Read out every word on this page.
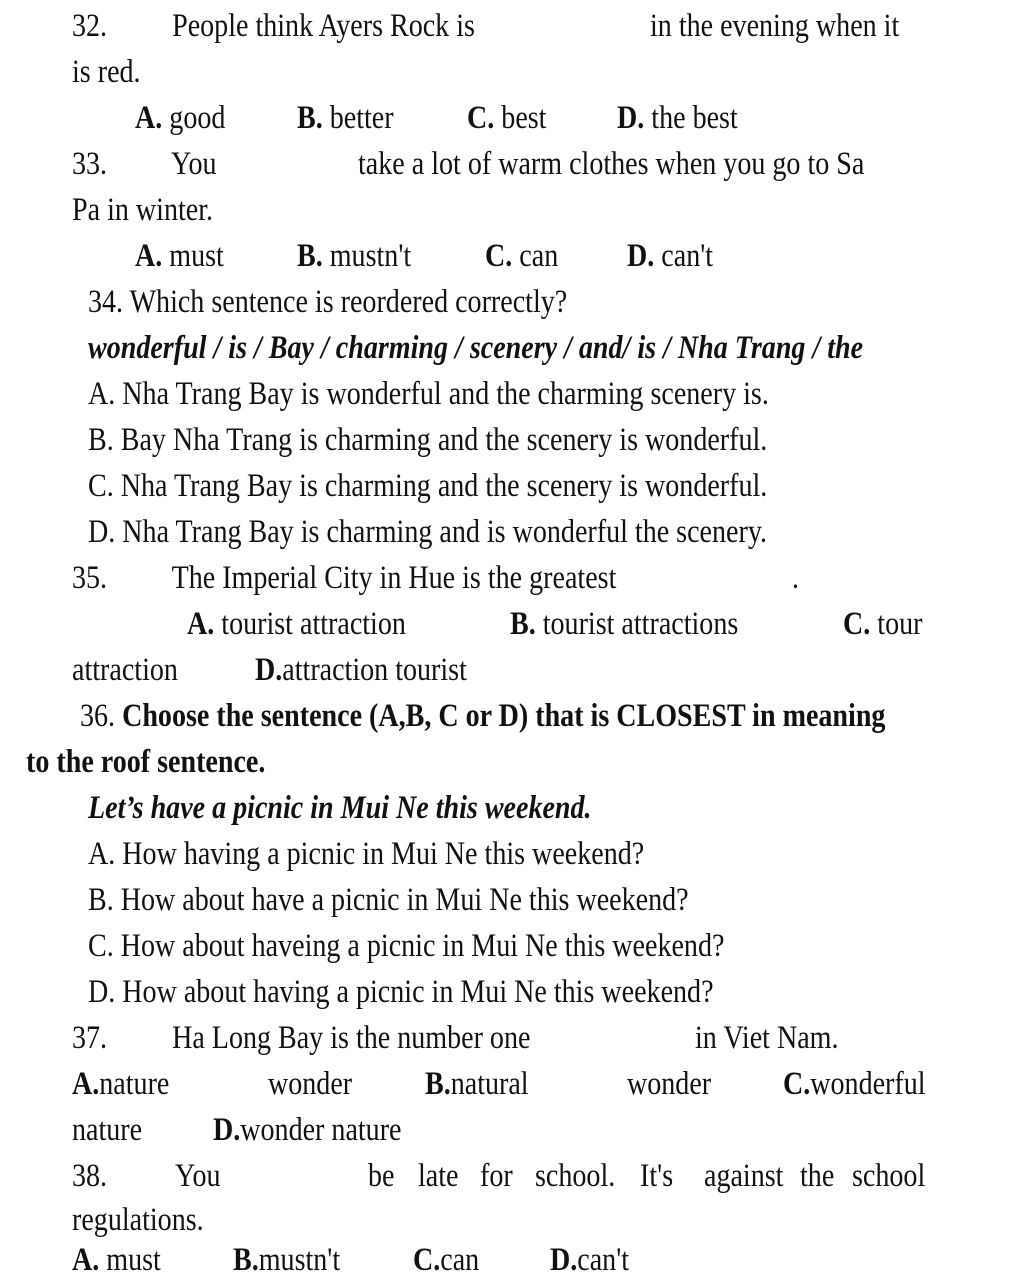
32. People think Ayers Rock is	in the evening when it
is red.
A. good B. better C. best D. the best
33. You	take a lot of warm clothes when you go to Sa
Pa in winter.
A. must B. mustn't C. can D. can't
34. Which sentence is reordered correctly?
wonderful / is / Bay / charming / scenery / and/ is / Nha Trang / the
A. Nha Trang Bay is wonderful and the charming scenery is.
B. Bay Nha Trang is charming and the scenery is wonderful.
C. Nha Trang Bay is charming and the scenery is wonderful.
D. Nha Trang Bay is charming and is wonderful the scenery.
35. The Imperial City in Hue is the greatest	.
A. tourist attraction	B. tourist attractions	C. tour
attraction D.attraction tourist
36. Choose the sentence (A,B, C or D) that is CLOSEST in meaning
to the roof sentence.
Let’s have a picnic in Mui Ne this weekend.
A. How having a picnic in Mui Ne this weekend?
B. How about have a picnic in Mui Ne this weekend?
C. How about haveing a picnic in Mui Ne this weekend?
D. How about having a picnic in Mui Ne this weekend?
37. Ha Long Bay is the number one	in Viet Nam.
A.nature	wonder B.natural	wonder C.wonderful
nature D.wonder nature
38. You	be late for school. It's against the school
regulations.
A. must B.mustn't C.can D.can't
